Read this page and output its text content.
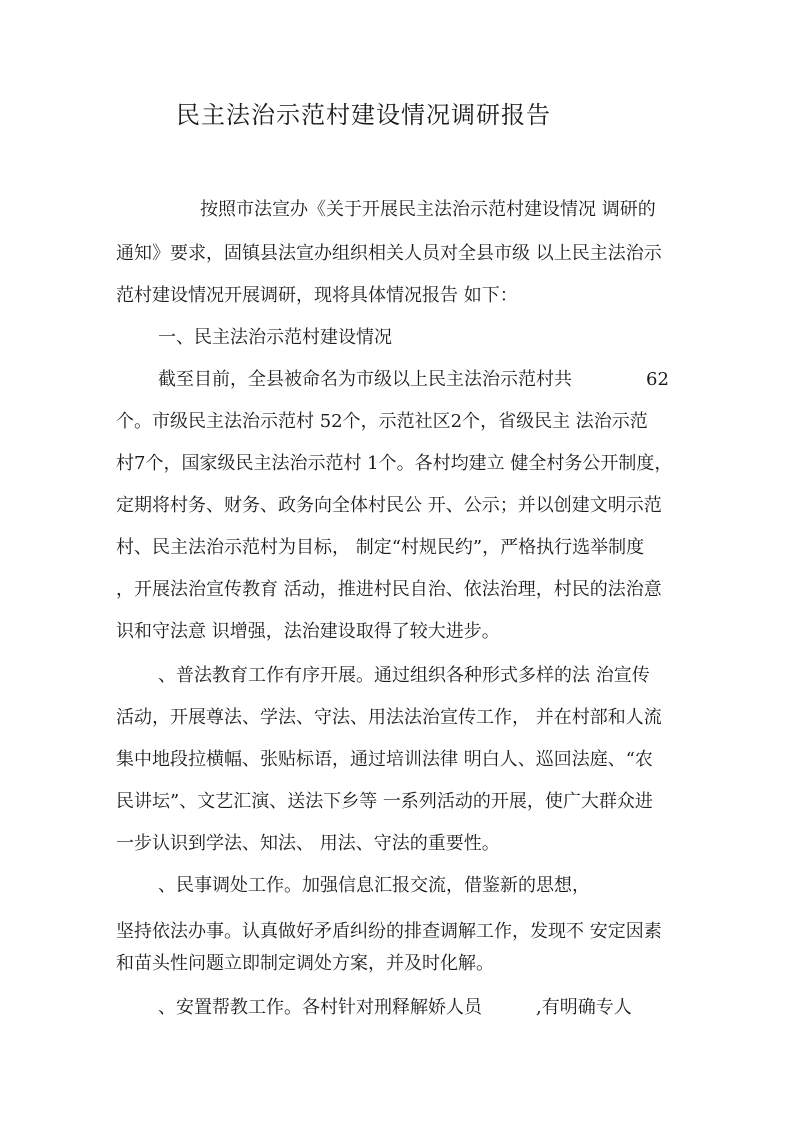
民主法治示范村建设情况调研报告

　按照市法宣办《关于开展民主法治示范村建设情况 调研的

通知》要求，固镇县法宣办组织相关人员对全县市级 以上民主法治示

范村建设情况开展调研，现将具体情况报告 如下：

一、民主法治示范村建设情况

截至目前，全县被命名为市级以上民主法治示范村共	62

个。市级民主法治示范村 52个，示范社区2个，省级民主 法治示范

村7个，国家级民主法治示范村 1个。各村均建立 健全村务公开制度，

定期将村务、财务、政务向全体村民公 开、公示；并以创建文明示范

村、民主法治示范村为目标， 制定“村规民约”，严格执行选举制度

，开展法治宣传教育 活动，推进村民自治、依法治理，村民的法治意

识和守法意 识增强，法治建设取得了较大进步。

、普法教育工作有序开展。通过组织各种形式多样的法 治宣传

活动，开展尊法、学法、守法、用法法治宣传工作， 并在村部和人流

集中地段拉横幅、张贴标语，通过培训法律 明白人、巡回法庭、“农

民讲坛”、文艺汇演、送法下乡等 一系列活动的开展，使广大群众进

一步认识到学法、知法、 用法、守法的重要性。

、民事调处工作。加强信息汇报交流，借鉴新的思想，

坚持依法办事。认真做好矛盾纠纷的排查调解工作，发现不 安定因素

和苗头性问题立即制定调处方案，并及时化解。

、安置帮教工作。各村针对刑释解娇人员　　　,有明确专人
